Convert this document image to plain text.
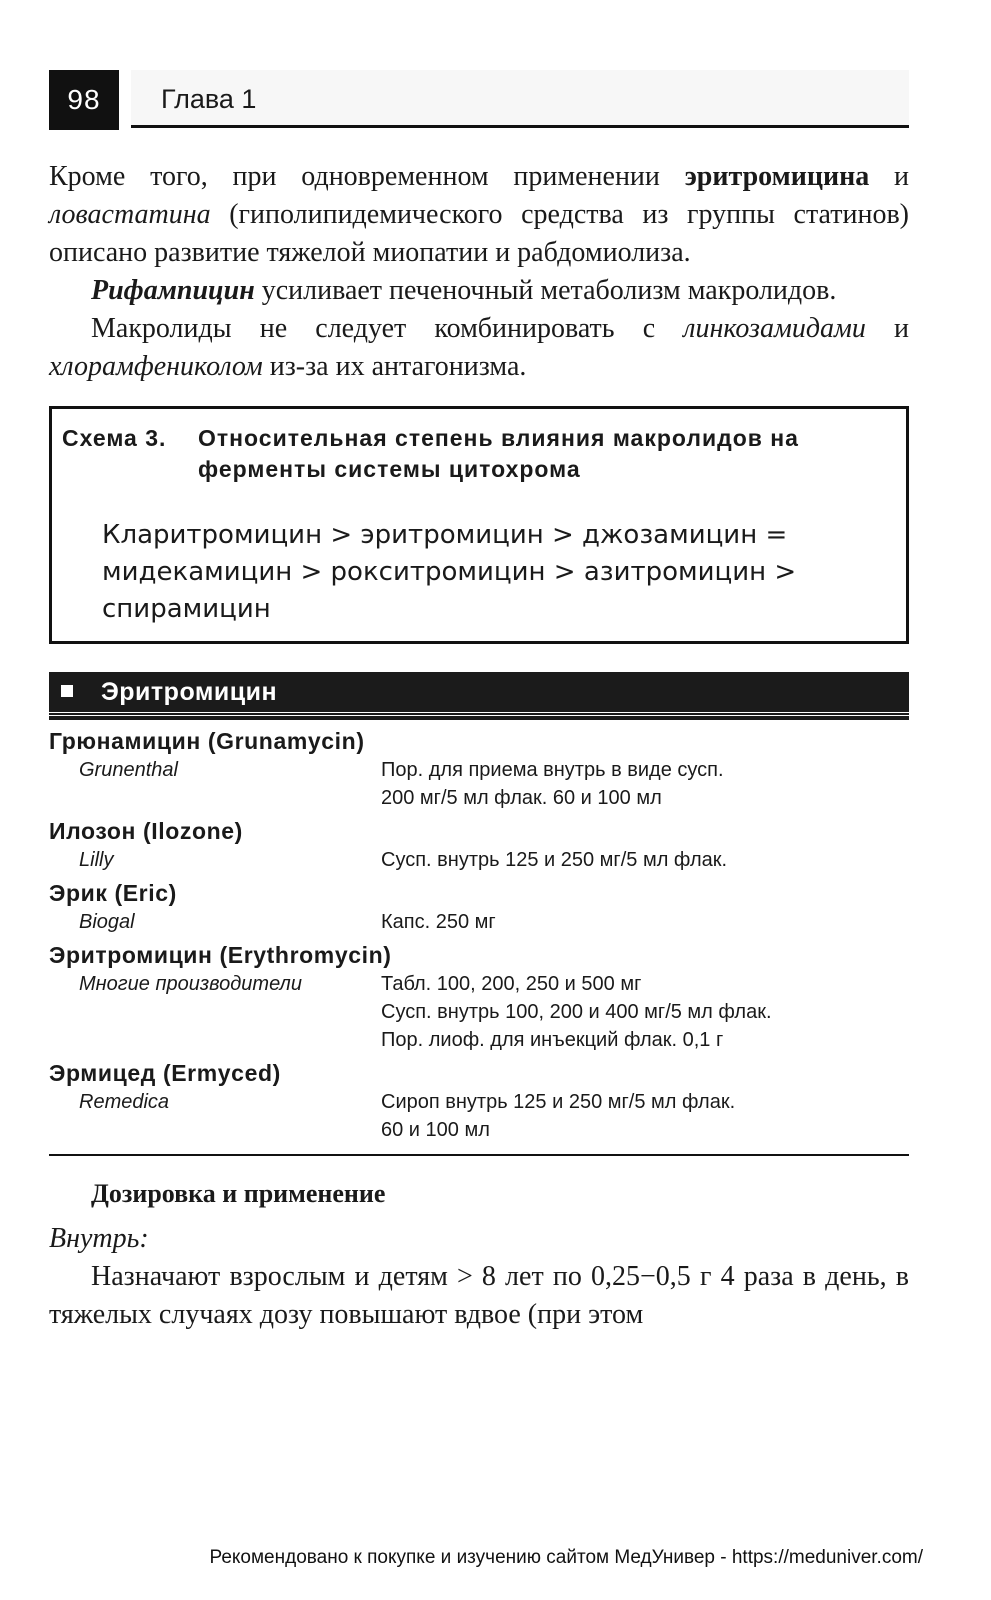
98	Глава 1

Кроме того, при одновременном применении эритромицина и ловастатина (гиполипидемического средства из группы статинов) описано развитие тяжелой миопатии и рабдомиолиза.

Рифампицин усиливает печеночный метаболизм макролидов.

Макролиды не следует комбинировать с линкозамидами и хлорамфениколом из-за их антагонизма.

Схема 3.	Относительная степень влияния макролидов на ферменты системы цитохрома
Кларитромицин > эритромицин > джозамицин = мидекамицин > рокситромицин > азитромицин > спирамицин
Эритромицин
Грюнамицин (Grunamycin)
Grunenthal	Пор. для приема внутрь в виде сусп.
200 мг/5 мл флак. 60 и 100 мл
Илозон (Ilozone)
Lilly	Сусп. внутрь 125 и 250 мг/5 мл флак.
Эрик (Eric)
Biogal	Капс. 250 мг
Эритромицин (Erythromycin)
Многие производители	Табл. 100, 200, 250 и 500 мг
Сусп. внутрь 100, 200 и 400 мг/5 мл флак.
Пор. лиоф. для инъекций флак. 0,1 г
Эрмицед (Ermyced)
Remedica	Сироп внутрь 125 и 250 мг/5 мл флак.
60 и 100 мл
Дозировка и применение

Внутрь:

Назначают взрослым и детям > 8 лет по 0,25−0,5 г 4 раза в день, в тяжелых случаях дозу повышают вдвое (при этом

Рекомендовано к покупке и изучению сайтом МедУнивер - https://meduniver.com/
